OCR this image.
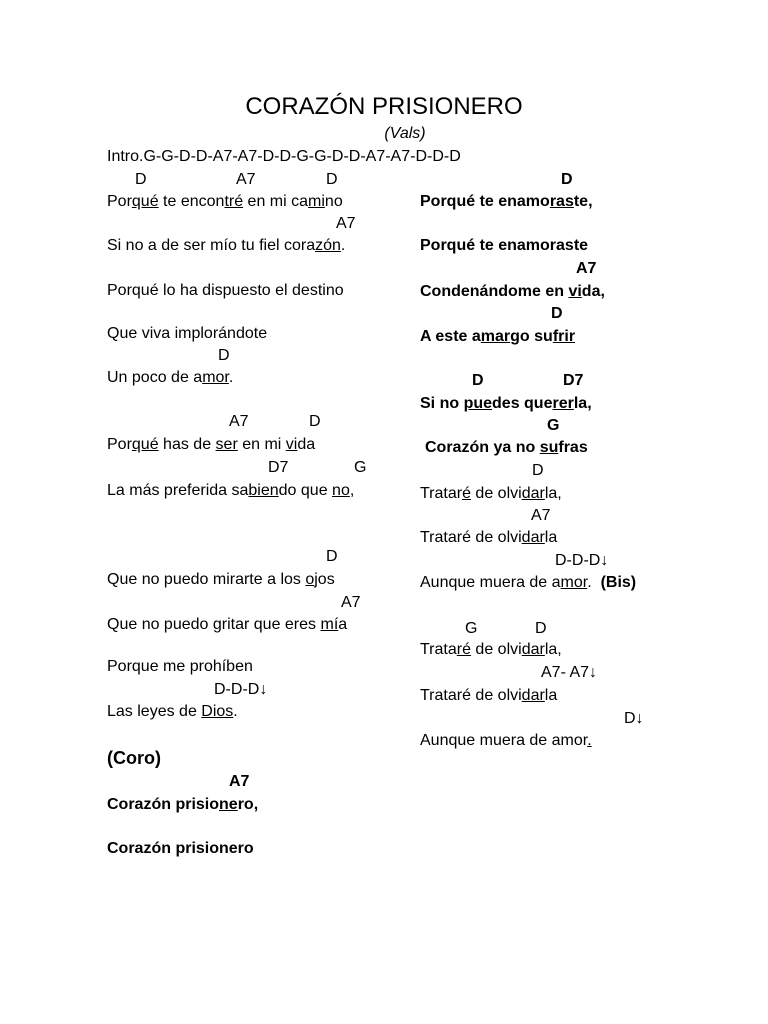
CORAZÓN PRISIONERO
(Vals)
Intro.G-G-D-D-A7-A7-D-D-G-G-D-D-A7-A7-D-D-D
D	A7	D
Porqué te encontré en mi camino
A7
Si no a de ser mío tu fiel corazón.
Porqué lo ha dispuesto el destino
Que viva implorándote
D
Un poco de amor.
A7	D
Porqué has de ser en mi vida
D7	G
La más preferida sabiendo que no,
D
Que no puedo mirarte a los ojos
A7
Que no puedo gritar que eres mía
Porque me prohíben
D-D-D↓
Las leyes de Dios.
(Coro)
A7
Corazón prisionero,
Corazón prisionero
D
Porqué te enamoraste,
Porqué te enamoraste
A7
Condenándome en vida,
D
A este amargo sufrir
D	D7
Si no puedes quererla,
G
Corazón ya no sufras
D
Trataré de olvidarla,
A7
Trataré de olvidarla
D-D-D↓
Aunque muera de amor.  (Bis)
G	D
Trataré de olvidarla,
A7- A7↓
Trataré de olvidarla
D↓
Aunque muera de amor.
